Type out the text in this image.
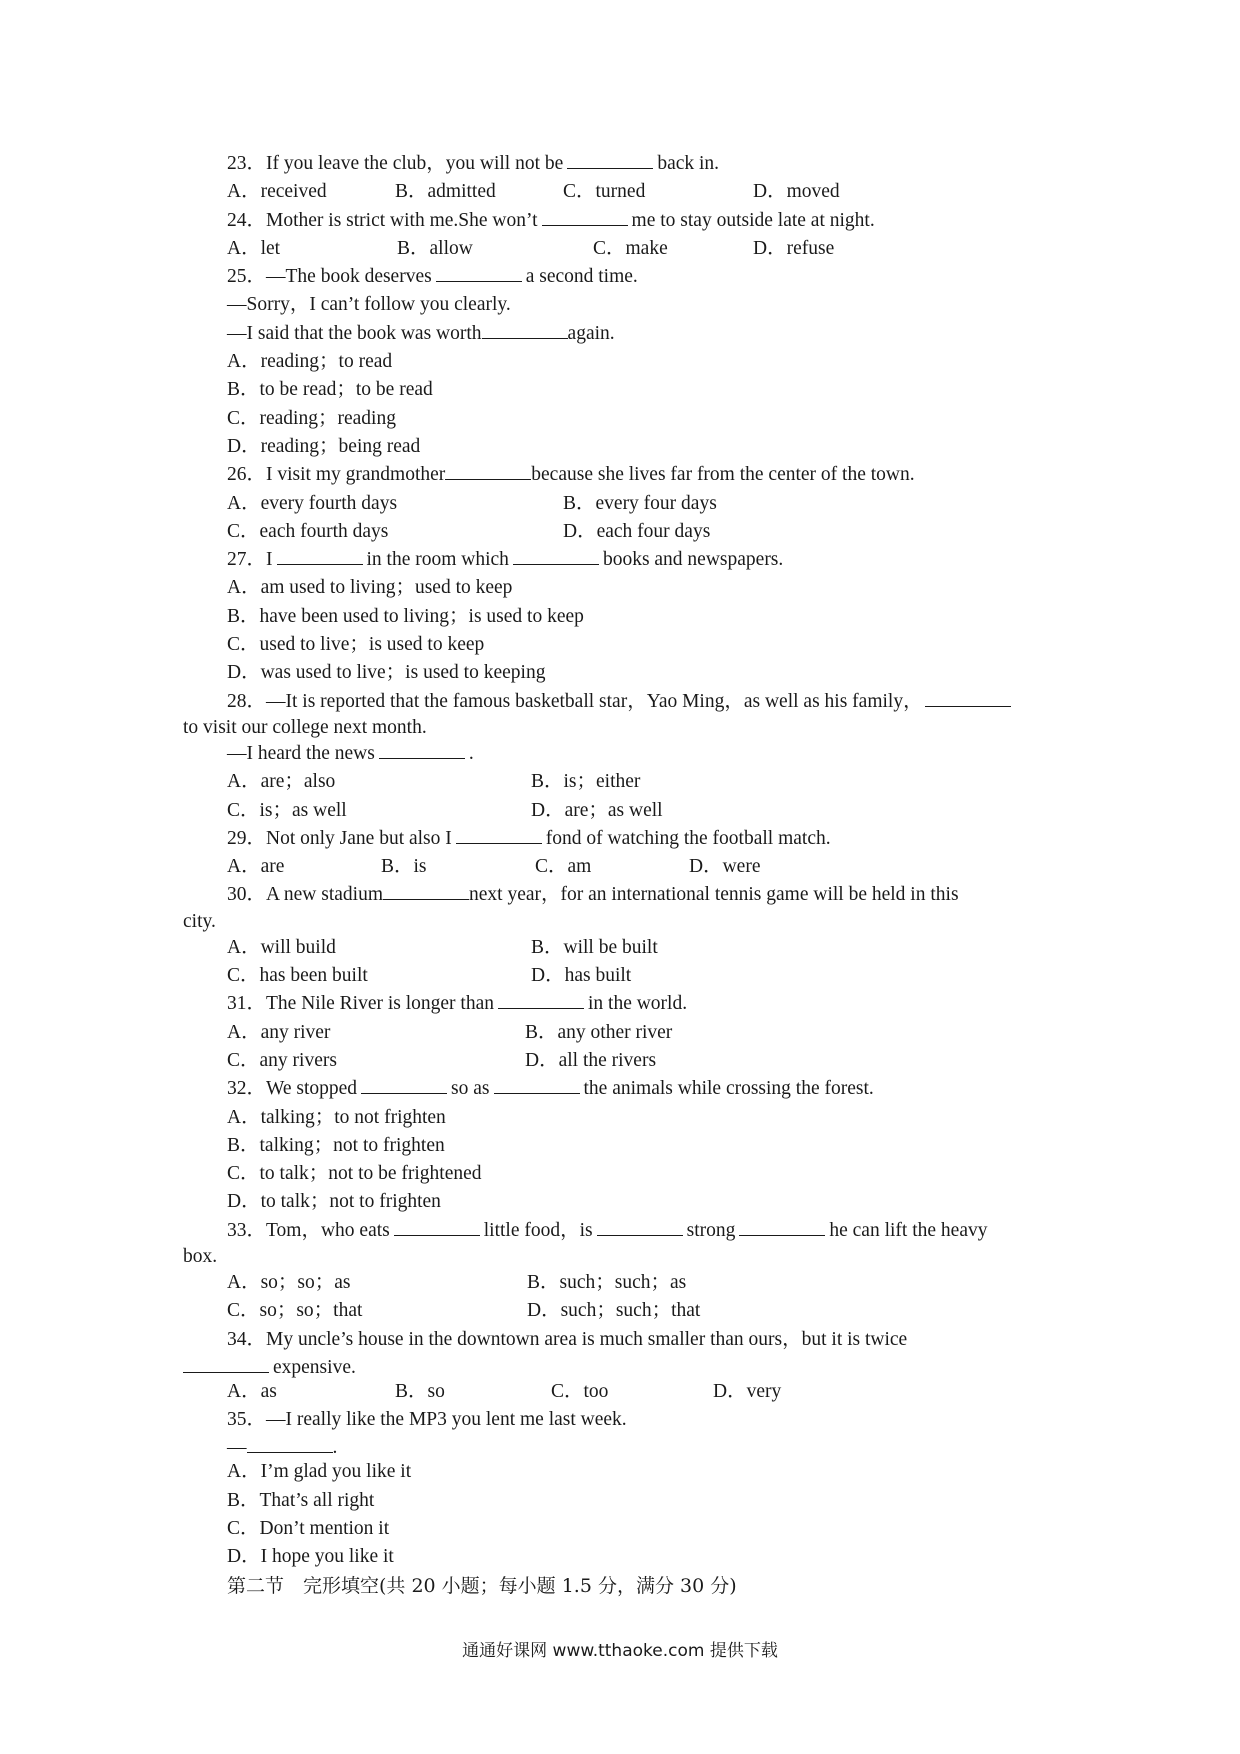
23．If you leave the club，you will not be	back in.
A．received	B．admitted	C．turned	D．moved
24．Mother is strict with me.She won’t	me to stay outside late at night.
A．let	B．allow	C．make	D．refuse
25．—The book deserves	a second time.
—Sorry，I can’t follow you clearly.
—I said that the book was worth	again.
A．reading；to read
B．to be read；to be read
C．reading；reading
D．reading；being read
26．I visit my grandmother	because she lives far from the center of the town.
A．every fourth days	B．every four days
C．each fourth days	D．each four days
27．I	in the room which	books and newspapers.
A．am used to living；used to keep
B．have been used to living；is used to keep
C．used to live；is used to keep
D．was used to live；is used to keeping
28．—It is reported that the famous basketball star，Yao Ming，as well as his family，
to visit our college next month.
—I heard the news	.
A．are；also	B．is；either
C．is；as well	D．are；as well
29．Not only Jane but also I	fond of watching the football match.
A．are	B．is	C．am	D．were
30．A new stadium	next year，for an international tennis game will be held in this
city.
A．will build	B．will be built
C．has been built	D．has built
31．The Nile River is longer than	in the world.
A．any river	B．any other river
C．any rivers	D．all the rivers
32．We stopped	so as	the animals while crossing the forest.
A．talking；to not frighten
B．talking；not to frighten
C．to talk；not to be frightened
D．to talk；not to frighten
33．Tom，who eats	little food，is	strong	he can lift the heavy
box.
A．so；so；as	B．such；such；as
C．so；so；that	D．such；such；that
34．My uncle’s house in the downtown area is much smaller than ours，but it is twice
expensive.
A．as	B．so	C．too	D．very
35．—I really like the MP3 you lent me last week.
—	.
A．I’m glad you like it
B．That’s all right
C．Don’t mention it
D．I hope you like it
第二节　完形填空(共 20 小题；每小题 1.5 分，满分 30 分)
通通好课网 www.tthaoke.com 提供下载
